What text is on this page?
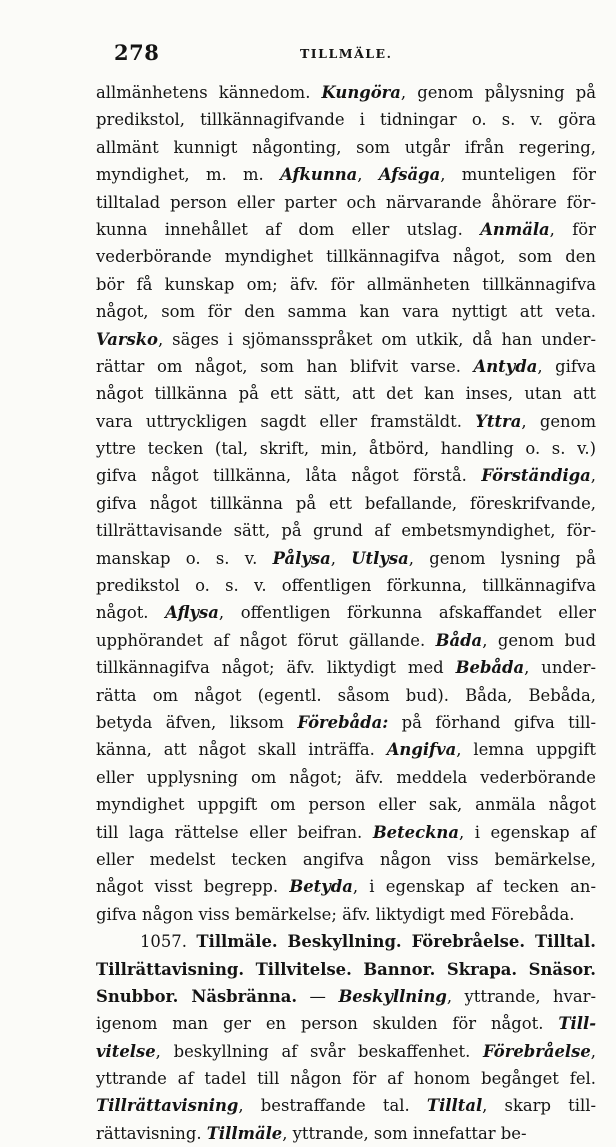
278	TILLMÄLE.
allmänhetens kännedom. Kungöra, genom pålysning på
predikstol, tillkännagifvande i tidningar o. s. v. göra
allmänt kunnigt någonting, som utgår ifrån regering,
myndighet, m. m. Afkunna, Afsäga, munteligen för
tilltalad person eller parter och närvarande åhörare för-
kunna innehållet af dom eller utslag. Anmäla, för
vederbörande myndighet tillkännagifva något, som den
bör få kunskap om; äfv. för allmänheten tillkännagifva
något, som för den samma kan vara nyttigt att veta.
Varsko, säges i sjömansspråket om utkik, då han under-
rättar om något, som han blifvit varse. Antyda, gifva
något tillkänna på ett sätt, att det kan inses, utan att
vara uttryckligen sagdt eller framstäldt. Yttra, genom
yttre tecken (tal, skrift, min, åtbörd, handling o. s. v.)
gifva något tillkänna, låta något förstå. Förständiga,
gifva något tillkänna på ett befallande, föreskrifvande,
tillrättavisande sätt, på grund af embetsmyndighet, för-
manskap o. s. v. Pålysa, Utlysa, genom lysning på
predikstol o. s. v. offentligen förkunna, tillkännagifva
något. Aflysa, offentligen förkunna afskaffandet eller
upphörandet af något förut gällande. Båda, genom bud
tillkännagifva något; äfv. liktydigt med Bebåda, under-
rätta om något (egentl. såsom bud). Båda, Bebåda,
betyda äfven, liksom Förebåda: på förhand gifva till-
känna, att något skall inträffa. Angifva, lemna uppgift
eller upplysning om något; äfv. meddela vederbörande
myndighet uppgift om person eller sak, anmäla något
till laga rättelse eller beifran. Beteckna, i egenskap af
eller medelst tecken angifva någon viss bemärkelse,
något visst begrepp. Betyda, i egenskap af tecken an-
gifva någon viss bemärkelse; äfv. liktydigt med Förebåda.
1057. Tillmäle. Beskyllning. Förebråelse. Tilltal.
Tillrättavisning. Tillvitelse. Bannor. Skrapa. Snäsor.
Snubbor. Näsbränna. — Beskyllning, yttrande, hvar-
igenom man ger en person skulden för något. Till-
vitelse, beskyllning af svår beskaffenhet. Förebråelse,
yttrande af tadel till någon för af honom begånget fel.
Tillrättavisning, bestraffande tal. Tilltal, skarp till-
rättavisning. Tillmäle, yttrande, som innefattar be-
